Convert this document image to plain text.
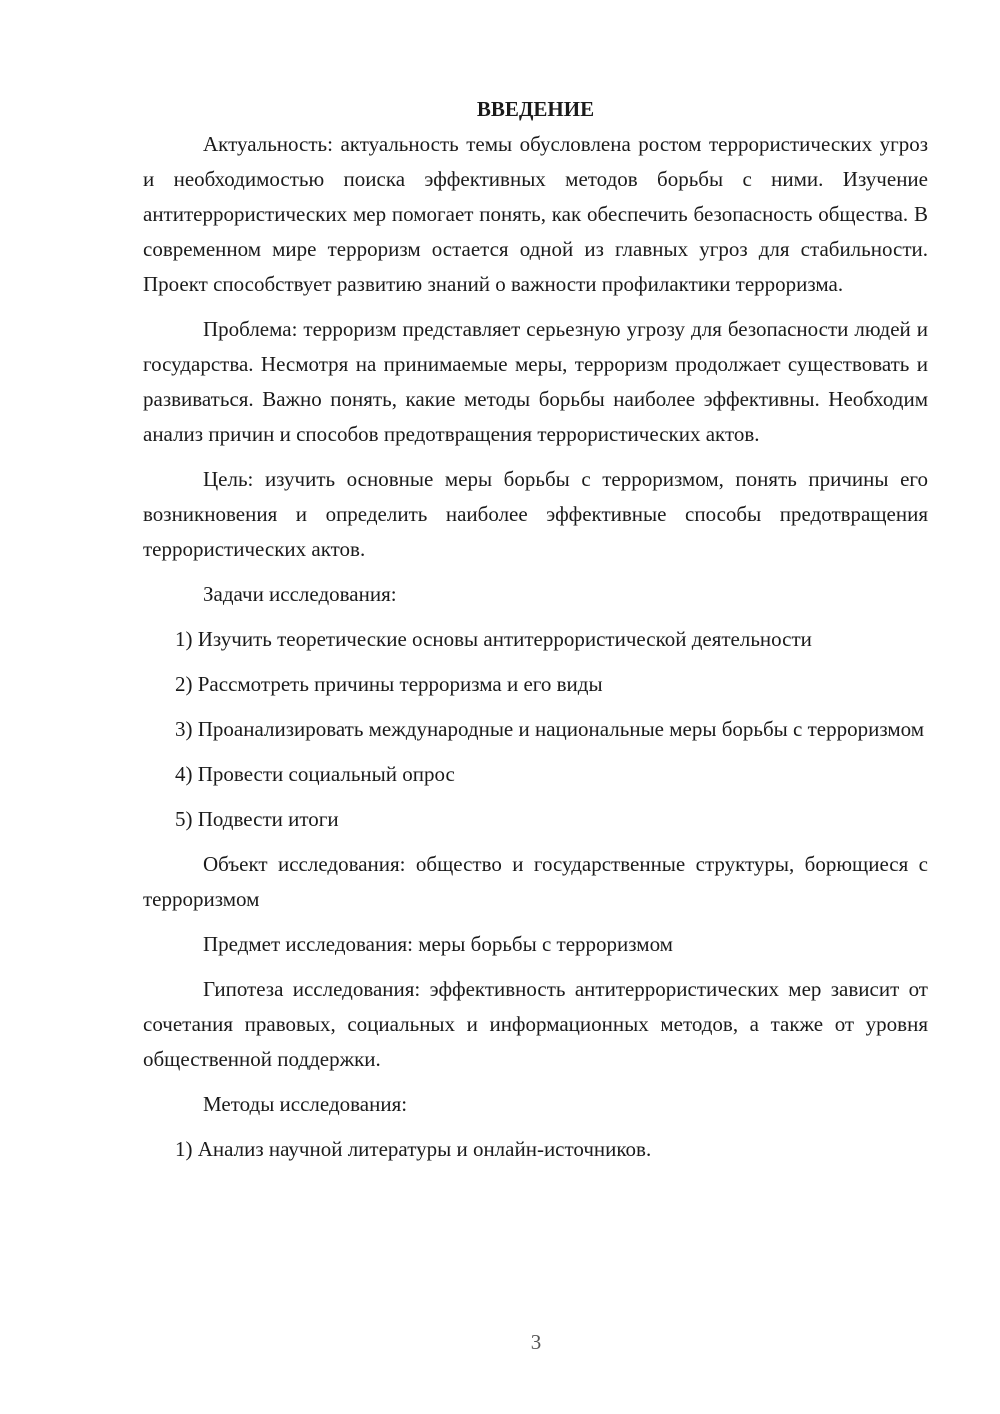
ВВЕДЕНИЕ

Актуальность: актуальность темы обусловлена ростом террористических угроз и необходимостью поиска эффективных методов борьбы с ними. Изучение антитеррористических мер помогает понять, как обеспечить безопасность общества. В современном мире терроризм остается одной из главных угроз для стабильности. Проект способствует развитию знаний о важности профилактики терроризма.

Проблема: терроризм представляет серьезную угрозу для безопасности людей и государства. Несмотря на принимаемые меры, терроризм продолжает существовать и развиваться. Важно понять, какие методы борьбы наиболее эффективны. Необходим анализ причин и способов предотвращения террористических актов.

Цель: изучить основные меры борьбы с терроризмом, понять причины его возникновения и определить наиболее эффективные способы предотвращения террористических актов.

Задачи исследования:

1) Изучить теоретические основы антитеррористической деятельности

2) Рассмотреть причины терроризма и его виды

3) Проанализировать международные и национальные меры борьбы с терроризмом

4) Провести социальный опрос

5) Подвести итоги

Объект исследования: общество и государственные структуры, борющиеся с терроризмом

Предмет исследования: меры борьбы с терроризмом

Гипотеза исследования: эффективность антитеррористических мер зависит от сочетания правовых, социальных и информационных методов, а также от уровня общественной поддержки.

Методы исследования:

1) Анализ научной литературы и онлайн-источников.

3
